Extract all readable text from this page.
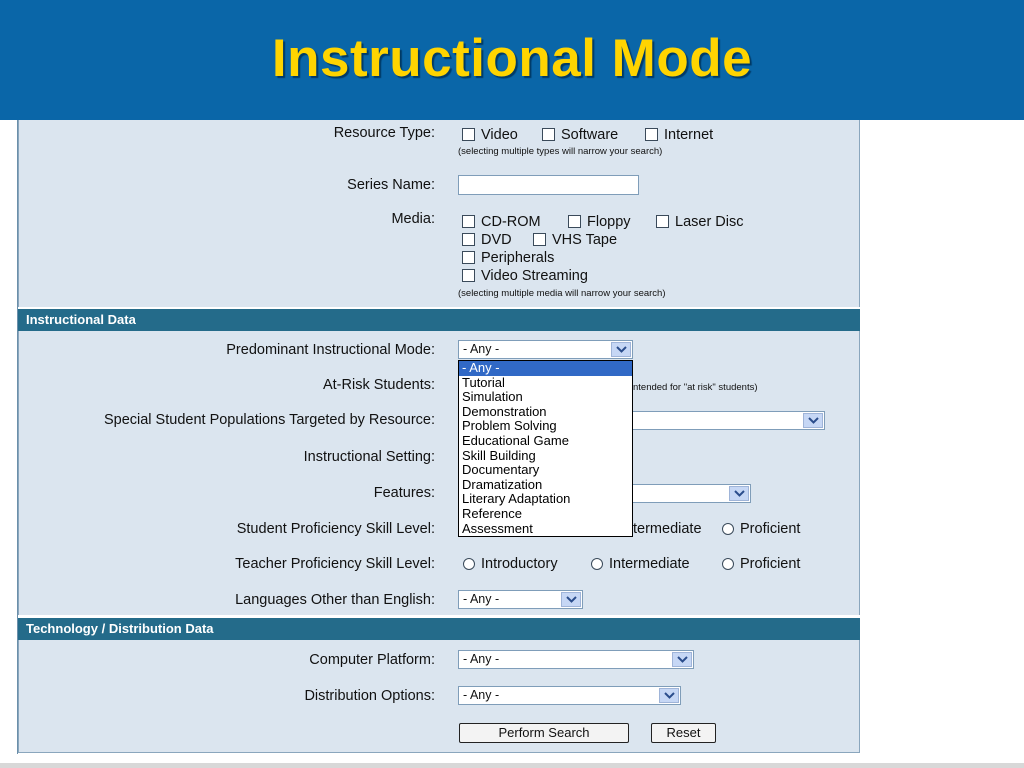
Instructional Mode
Resource Type:	Video	Software	Internet
(selecting multiple types will narrow your search)
Series Name:
Media:	CD-ROM	Floppy	Laser Disc
DVD	VHS Tape
Peripherals
Video Streaming
(selecting multiple media will narrow your search)
Instructional Data
Predominant Instructional Mode:	- Any -
At-Risk Students:	ntended for "at risk" students)
Special Student Populations Targeted by Resource:
Instructional Setting:
Features:
Student Proficiency Skill Level:	termediate	Proficient
Teacher Proficiency Skill Level:	Introductory	Intermediate	Proficient
Languages Other than English:	- Any -
Technology / Distribution Data
Computer Platform:	- Any -
Distribution Options:	- Any -
Perform Search	Reset
- Any -
Tutorial
Simulation
Demonstration
Problem Solving
Educational Game
Skill Building
Documentary
Dramatization
Literary Adaptation
Reference
Assessment
